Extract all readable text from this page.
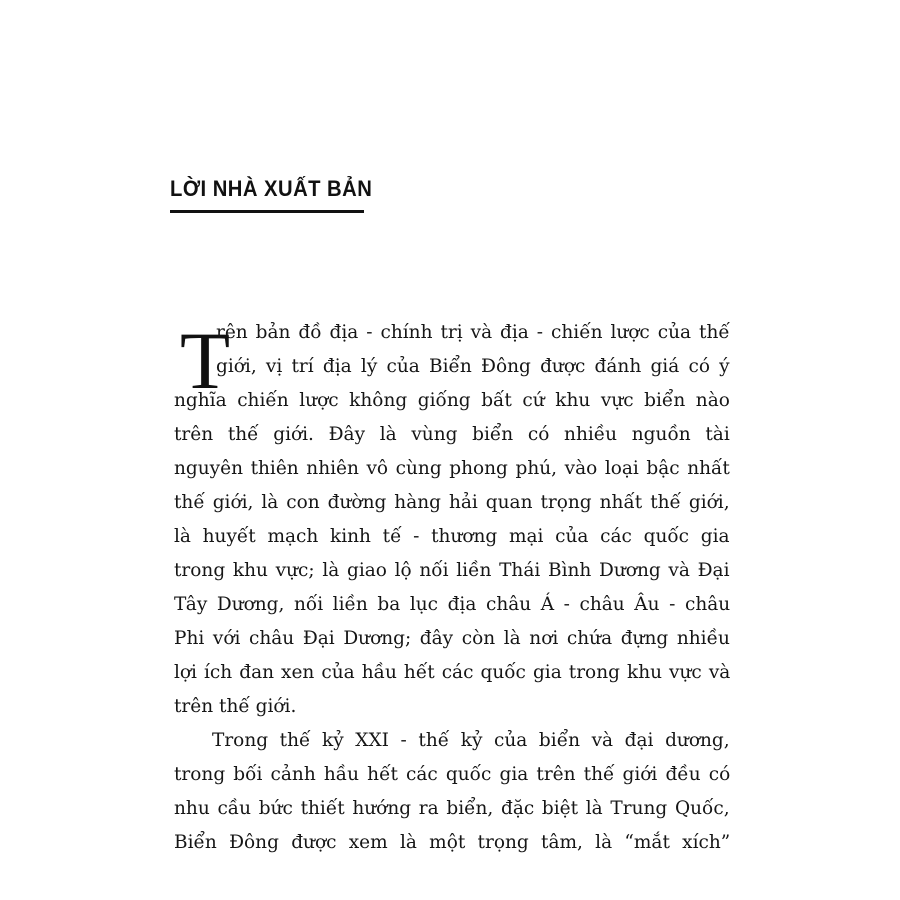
LỜI NHÀ XUẤT BẢN
T
rên bản đồ địa - chính trị và địa - chiến lược của thế
giới, vị trí địa lý của Biển Đông được đánh giá có ý
nghĩa chiến lược không giống bất cứ khu vực biển nào
trên thế giới. Đây là vùng biển có nhiều nguồn tài
nguyên thiên nhiên vô cùng phong phú, vào loại bậc nhất
thế giới, là con đường hàng hải quan trọng nhất thế giới,
là huyết mạch kinh tế - thương mại của các quốc gia
trong khu vực; là giao lộ nối liền Thái Bình Dương và Đại
Tây Dương, nối liền ba lục địa châu Á - châu Âu - châu
Phi với châu Đại Dương; đây còn là nơi chứa đựng nhiều
lợi ích đan xen của hầu hết các quốc gia trong khu vực và
trên thế giới.
Trong thế kỷ XXI - thế kỷ của biển và đại dương,
trong bối cảnh hầu hết các quốc gia trên thế giới đều có
nhu cầu bức thiết hướng ra biển, đặc biệt là Trung Quốc,
Biển Đông được xem là một trọng tâm, là “mắt xích”
